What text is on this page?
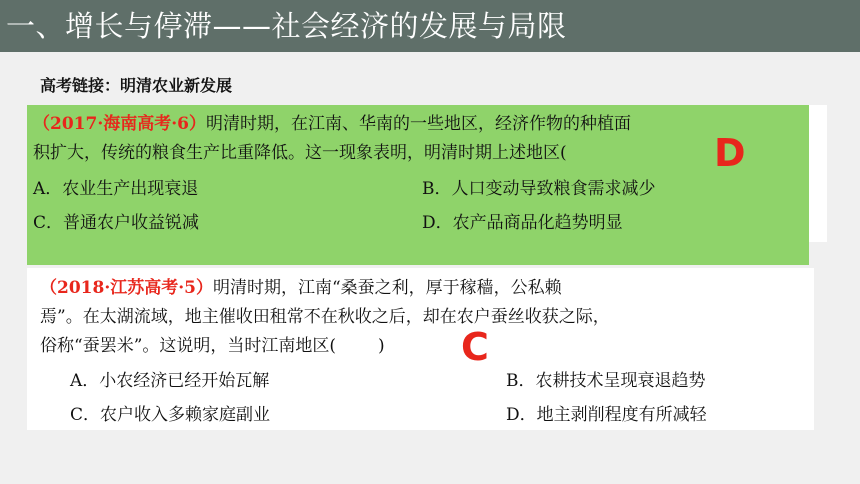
一、增长与停滞——社会经济的发展与局限
高考链接：明清农业新发展
（2017·海南高考·6）明清时期，在江南、华南的一些地区，经济作物的种植面
积扩大，传统的粮食生产比重降低。这一现象表明，明清时期上述地区(	D
A．农业生产出现衰退	B．人口变动导致粮食需求减少
C．普通农户收益锐减	D．农产品商品化趋势明显
（2018·江苏高考·5）明清时期，江南“桑蚕之利，厚于稼穑，公私赖
焉”。在太湖流域，地主催收田租常不在秋收之后，却在农户蚕丝收获之际，
俗称“蚕罢米”。这说明，当时江南地区( )	C
A．小农经济已经开始瓦解	B．农耕技术呈现衰退趋势
C．农户收入多赖家庭副业	D．地主剥削程度有所减轻
